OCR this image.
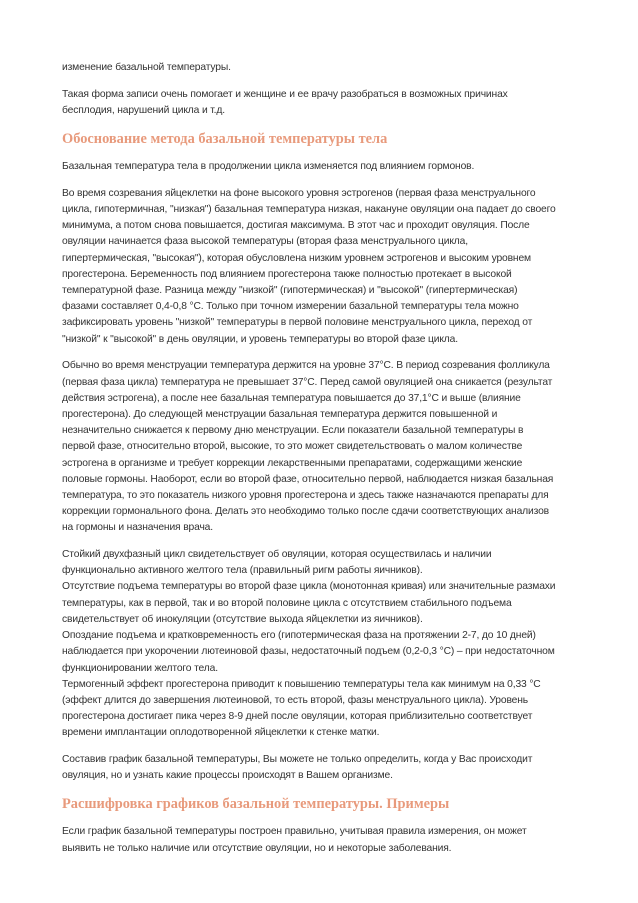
изменение базальной температуры.
Такая форма записи очень помогает и женщине и ее врачу разобраться в возможных причинах
бесплодия, нарушений цикла и т.д.
Обоснование метода базальной температуры тела
Базальная температура тела в продолжении цикла изменяется под влиянием гормонов.
Во время созревания яйцеклетки на фоне высокого уровня эстрогенов (первая фаза менструального
цикла, гипотермичная, "низкая") базальная температура низкая, накануне овуляции она падает до своего
минимума, а потом снова повышается, достигая максимума. В этот час и проходит овуляция. После
овуляции начинается фаза высокой температуры (вторая фаза менструального цикла,
гипертермическая, "высокая"), которая обусловлена низким уровнем эстрогенов и высоким уровнем
прогестерона. Беременность под влиянием прогестерона также полностью протекает в высокой
температурной фазе. Разница между "низкой" (гипотермическая) и "высокой" (гипертермическая)
фазами составляет 0,4-0,8 °С. Только при точном измерении базальной температуры тела можно
зафиксировать уровень "низкой" температуры в первой половине менструального цикла, переход от
"низкой" к "высокой" в день овуляции, и уровень температуры во второй фазе цикла.
Обычно во время менструации температура держится на уровне 37°С. В период созревания фолликула
(первая фаза цикла) температура не превышает 37°С. Перед самой овуляцией она сникается (результат
действия эстрогена), а после нее базальная температура повышается до 37,1°С и выше (влияние
прогестерона). До следующей менструации базальная температура держится повышенной и
незначительно снижается к первому дню менструации. Если показатели базальной температуры в
первой фазе, относительно второй, высокие, то это может свидетельствовать о малом количестве
эстрогена в организме и требует коррекции лекарственными препаратами, содержащими женские
половые гормоны. Наоборот, если во второй фазе, относительно первой, наблюдается низкая базальная
температура, то это показатель низкого уровня прогестерона и здесь также назначаются препараты для
коррекции гормонального фона. Делать это необходимо только после сдачи соответствующих анализов
на гормоны и назначения врача.
Стойкий двухфазный цикл свидетельствует об овуляции, которая осуществилась и наличии
функционально активного желтого тела (правильный ригм работы яичников).
Отсутствие подъема температуры во второй фазе цикла (монотонная кривая) или значительные размахи
температуры, как в первой, так и во второй половине цикла с отсутствием стабильного подъема
свидетельствует об инокуляции (отсутствие выхода яйцеклетки из яичников).
Опоздание подъема и кратковременность его (гипотермическая фаза на протяжении 2-7, до 10 дней)
наблюдается при укорочении лютеиновой фазы, недостаточный подъем (0,2-0,3 °С) – при недостаточном
функционировании желтого тела.
Термогенный эффект прогестерона приводит к повышению температуры тела как минимум на 0,33 °С
(эффект длится до завершения лютеиновой, то есть второй, фазы менструального цикла). Уровень
прогестерона достигает пика через 8-9 дней после овуляции, которая приблизительно соответствует
времени имплантации оплодотворенной яйцеклетки к стенке матки.
Составив график базальной температуры, Вы можете не только определить, когда у Вас происходит
овуляция, но и узнать какие процессы происходят в Вашем организме.
Расшифровка графиков базальной температуры. Примеры
Если график базальной температуры построен правильно, учитывая правила измерения, он может
выявить не только наличие или отсутствие овуляции, но и некоторые заболевания.
